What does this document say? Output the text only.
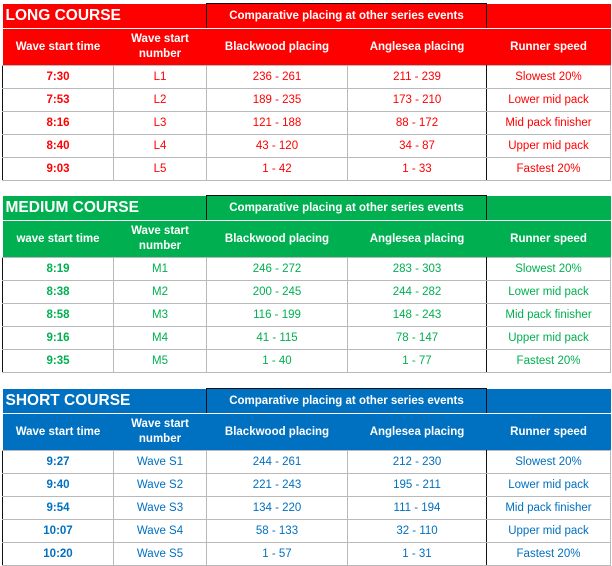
LONG COURSE		Comparative placing at other series events		
Wave start time	Wave start number	Blackwood placing	Anglesea placing	Runner speed
7:30	L1	236 - 261	211 - 239	Slowest 20%
7:53	L2	189 - 235	173 - 210	Lower mid pack
8:16	L3	121 - 188	88 - 172	Mid pack finisher
8:40	L4	43 - 120	34 - 87	Upper mid pack
9:03	L5	1 - 42	1 - 33	Fastest 20%
MEDIUM COURSE		Comparative placing at other series events		
wave start time	Wave start number	Blackwood placing	Anglesea placing	Runner speed
8:19	M1	246 - 272	283 - 303	Slowest 20%
8:38	M2	200 - 245	244 - 282	Lower mid pack
8:58	M3	116 - 199	148 - 243	Mid pack finisher
9:16	M4	41 - 115	78 - 147	Upper mid pack
9:35	M5	1 - 40	1 - 77	Fastest 20%
SHORT COURSE		Comparative placing at other series events		
Wave start time	Wave start number	Blackwood placing	Anglesea placing	Runner speed
9:27	Wave S1	244 - 261	212 - 230	Slowest 20%
9:40	Wave S2	221 - 243	195 - 211	Lower mid pack
9:54	Wave S3	134 - 220	111 - 194	Mid pack finisher
10:07	Wave S4	58 - 133	32 - 110	Upper mid pack
10:20	Wave S5	1 - 57	1 - 31	Fastest 20%
